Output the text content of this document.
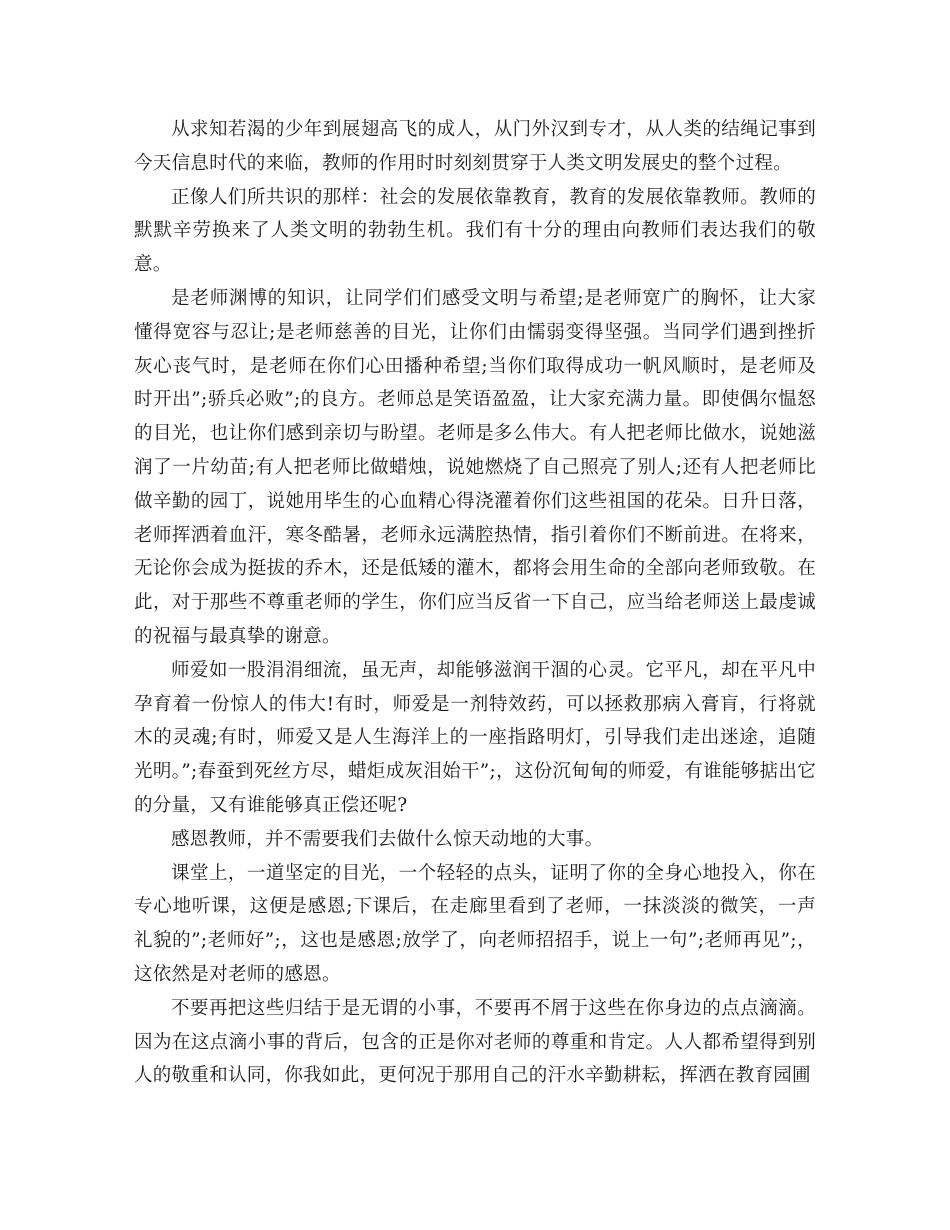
从求知若渴的少年到展翅高飞的成人，从门外汉到专才，从人类的结绳记事到今天信息时代的来临，教师的作用时时刻刻贯穿于人类文明发展史的整个过程。

正像人们所共识的那样：社会的发展依靠教育，教育的发展依靠教师。教师的默默辛劳换来了人类文明的勃勃生机。我们有十分的理由向教师们表达我们的敬意。

是老师渊博的知识，让同学们们感受文明与希望;是老师宽广的胸怀，让大家懂得宽容与忍让;是老师慈善的目光，让你们由懦弱变得坚强。当同学们遇到挫折灰心丧气时，是老师在你们心田播种希望;当你们取得成功一帆风顺时，是老师及时开出”;骄兵必败”;的良方。老师总是笑语盈盈，让大家充满力量。即使偶尔愠怒的目光，也让你们感到亲切与盼望。老师是多么伟大。有人把老师比做水，说她滋润了一片幼苗;有人把老师比做蜡烛，说她燃烧了自己照亮了别人;还有人把老师比做辛勤的园丁，说她用毕生的心血精心得浇灌着你们这些祖国的花朵。日升日落，老师挥洒着血汗，寒冬酷暑，老师永远满腔热情，指引着你们不断前进。在将来，无论你会成为挺拔的乔木，还是低矮的灌木，都将会用生命的全部向老师致敬。在此，对于那些不尊重老师的学生，你们应当反省一下自己，应当给老师送上最虔诚的祝福与最真挚的谢意。

师爱如一股涓涓细流，虽无声，却能够滋润干涸的心灵。它平凡，却在平凡中孕育着一份惊人的伟大!有时，师爱是一剂特效药，可以拯救那病入膏肓，行将就木的灵魂;有时，师爱又是人生海洋上的一座指路明灯，引导我们走出迷途，追随光明。”;春蚕到死丝方尽，蜡炬成灰泪始干”;，这份沉甸甸的师爱，有谁能够掂出它的分量，又有谁能够真正偿还呢?

感恩教师，并不需要我们去做什么惊天动地的大事。

课堂上，一道坚定的目光，一个轻轻的点头，证明了你的全身心地投入，你在专心地听课，这便是感恩;下课后，在走廊里看到了老师，一抹淡淡的微笑，一声礼貌的”;老师好”;，这也是感恩;放学了，向老师招招手，说上一句”;老师再见”;，这依然是对老师的感恩。

不要再把这些归结于是无谓的小事，不要再不屑于这些在你身边的点点滴滴。因为在这点滴小事的背后，包含的正是你对老师的尊重和肯定。人人都希望得到别人的敬重和认同，你我如此，更何况于那用自己的汗水辛勤耕耘，挥洒在教育园圃
